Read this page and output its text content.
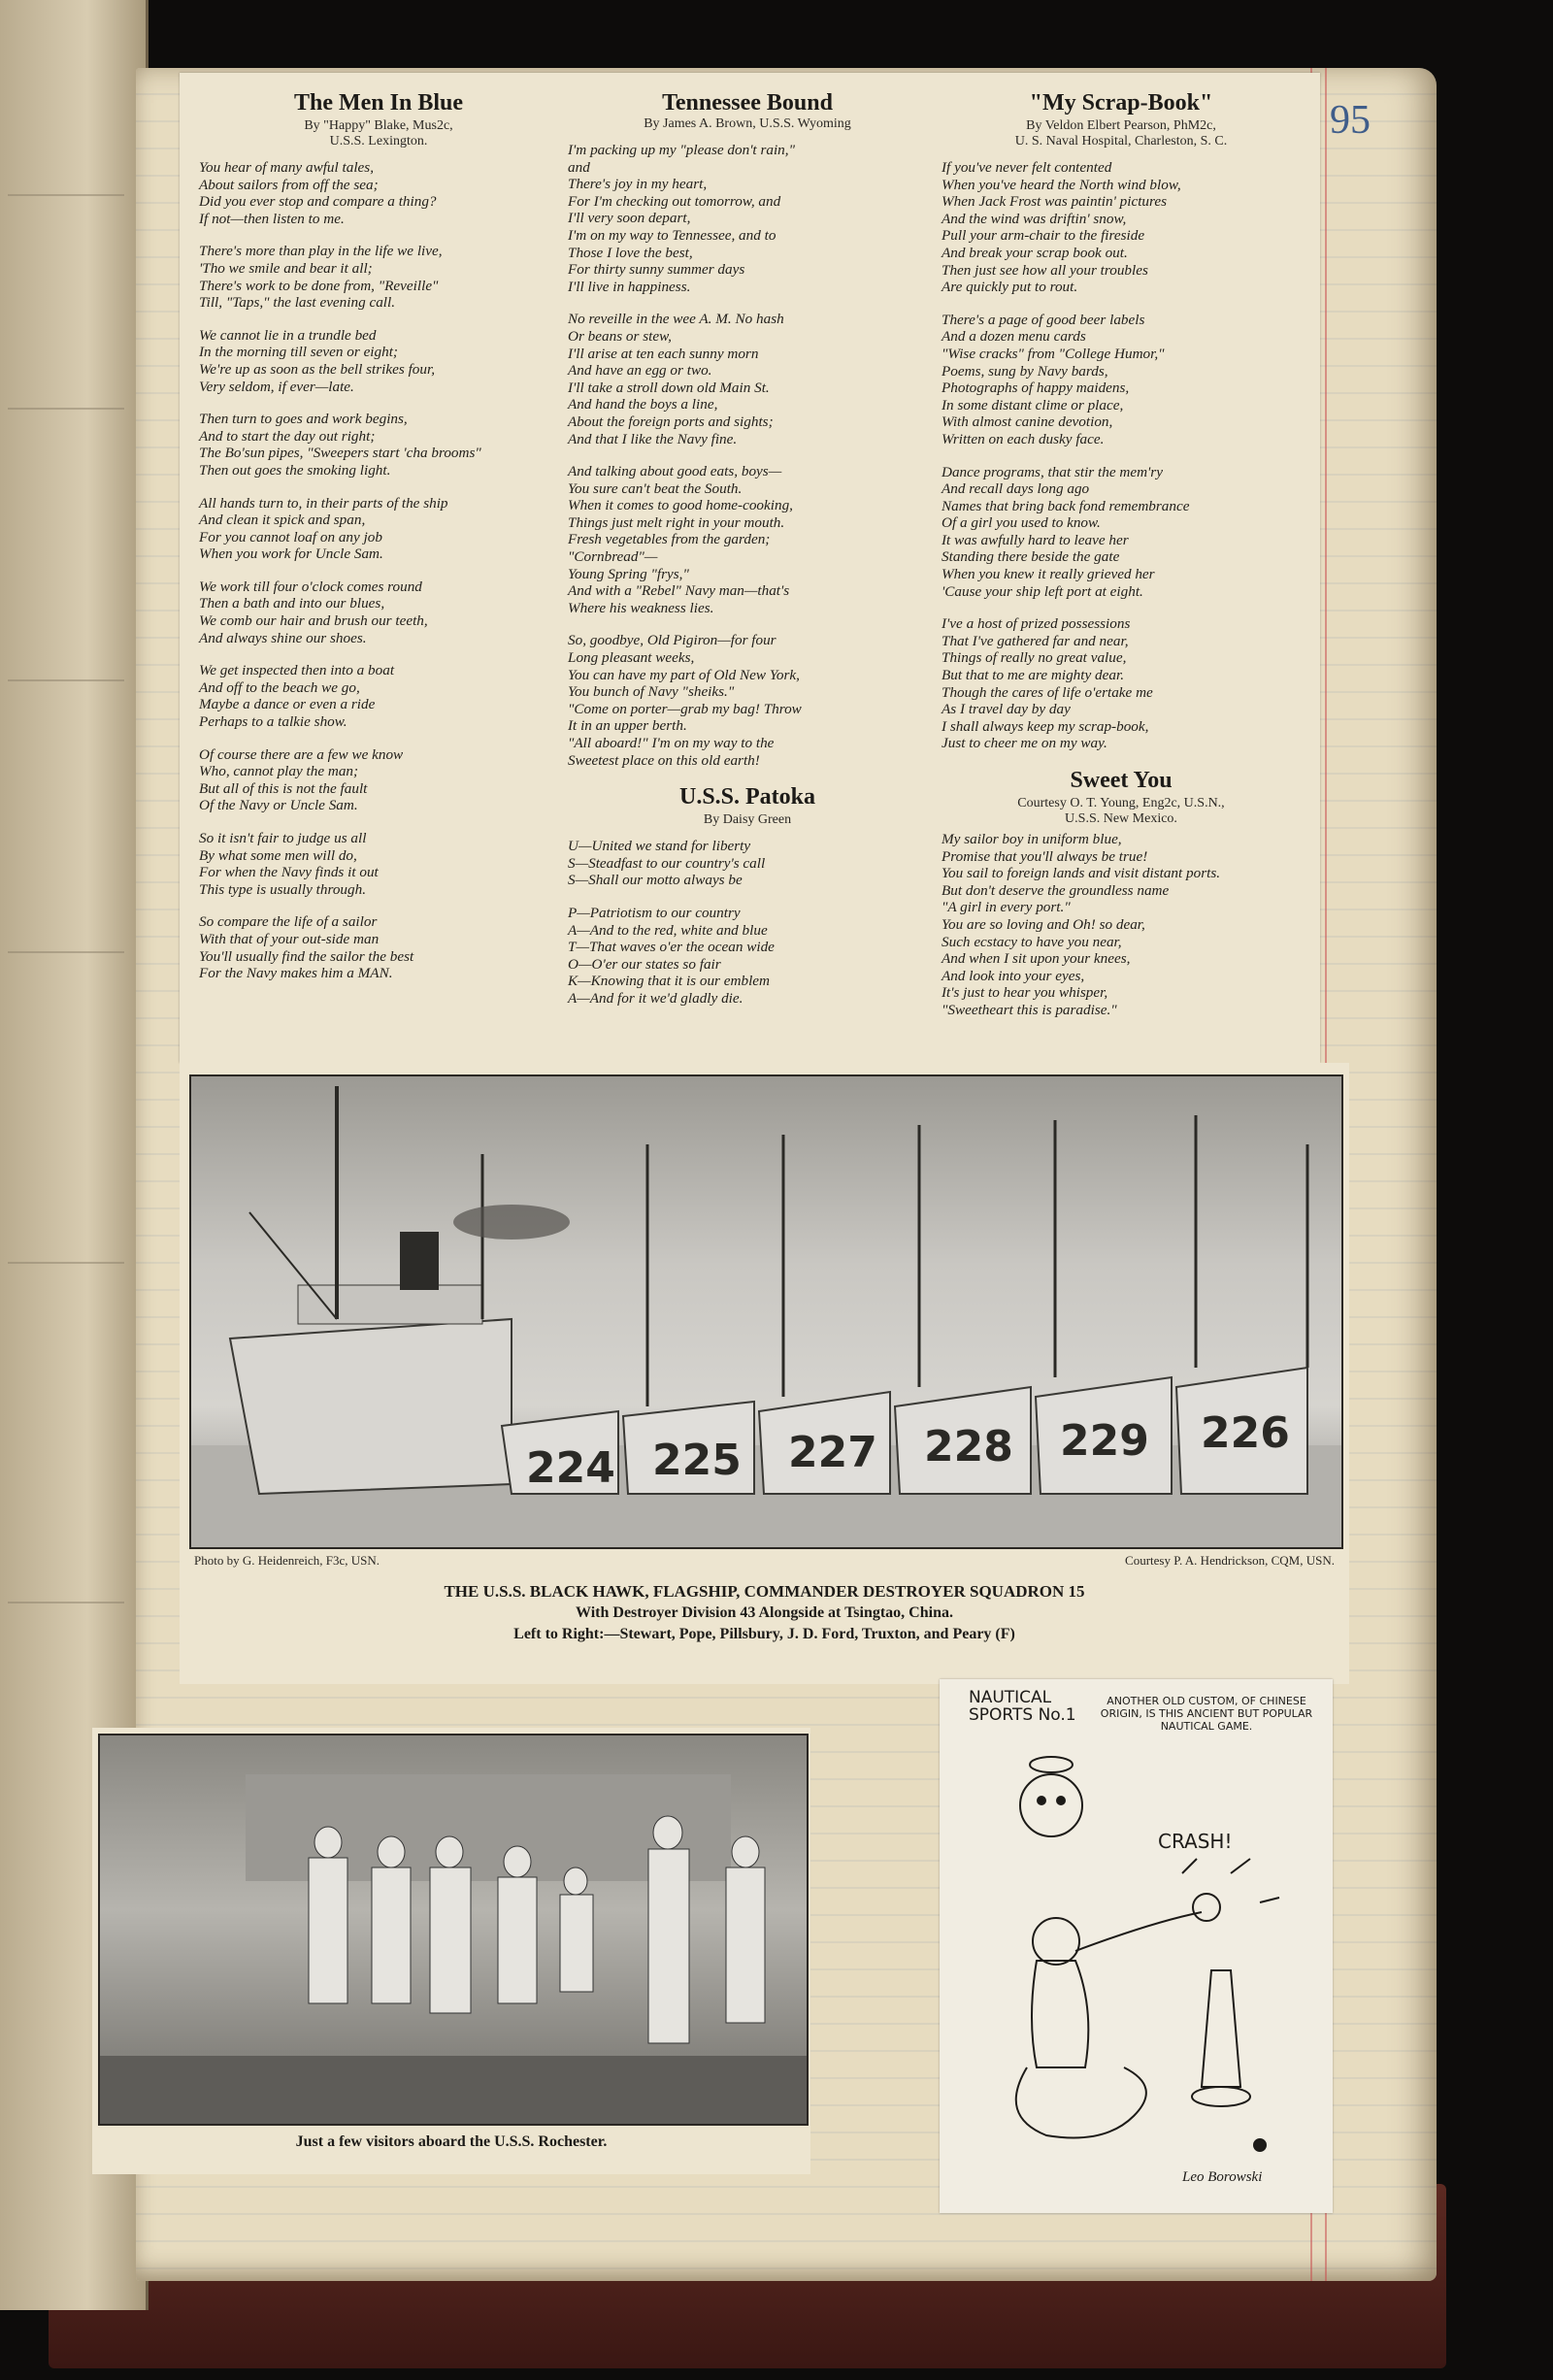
95
The Men In Blue
By "Happy" Blake, Mus2c,
U.S.S. Lexington.
You hear of many awful tales,
About sailors from off the sea;
Did you ever stop and compare a thing?
If not—then listen to me.
There's more than play in the life we live,
'Tho we smile and bear it all;
There's work to be done from, "Reveille"
Till, "Taps," the last evening call.
We cannot lie in a trundle bed
In the morning till seven or eight;
We're up as soon as the bell strikes four,
Very seldom, if ever—late.
Then turn to goes and work begins,
And to start the day out right;
The Bo'sun pipes, "Sweepers start 'cha brooms"
Then out goes the smoking light.
All hands turn to, in their parts of the ship
And clean it spick and span,
For you cannot loaf on any job
When you work for Uncle Sam.
We work till four o'clock comes round
Then a bath and into our blues,
We comb our hair and brush our teeth,
And always shine our shoes.
We get inspected then into a boat
And off to the beach we go,
Maybe a dance or even a ride
Perhaps to a talkie show.
Of course there are a few we know
Who, cannot play the man;
But all of this is not the fault
Of the Navy or Uncle Sam.
So it isn't fair to judge us all
By what some men will do,
For when the Navy finds it out
This type is usually through.
So compare the life of a sailor
With that of your out-side man
You'll usually find the sailor the best
For the Navy makes him a MAN.
Tennessee Bound
By James A. Brown, U.S.S. Wyoming
I'm packing up my "please don't rain,"
and
There's joy in my heart,
For I'm checking out tomorrow, and
I'll very soon depart,
I'm on my way to Tennessee, and to
Those I love the best,
For thirty sunny summer days
I'll live in happiness.
No reveille in the wee A. M. No hash
Or beans or stew,
I'll arise at ten each sunny morn
And have an egg or two.
I'll take a stroll down old Main St.
And hand the boys a line,
About the foreign ports and sights;
And that I like the Navy fine.
And talking about good eats, boys—
You sure can't beat the South.
When it comes to good home-cooking,
Things just melt right in your mouth.
Fresh vegetables from the garden;
"Cornbread"—
Young Spring "frys,"
And with a "Rebel" Navy man—that's
Where his weakness lies.
So, goodbye, Old Pigiron—for four
Long pleasant weeks,
You can have my part of Old New York,
You bunch of Navy "sheiks."
"Come on porter—grab my bag! Throw
It in an upper berth.
"All aboard!" I'm on my way to the
Sweetest place on this old earth!
U.S.S. Patoka
By Daisy Green
U—United we stand for liberty
S—Steadfast to our country's call
S—Shall our motto always be
P—Patriotism to our country
A—And to the red, white and blue
T—That waves o'er the ocean wide
O—O'er our states so fair
K—Knowing that it is our emblem
A—And for it we'd gladly die.
"My Scrap-Book"
By Veldon Elbert Pearson, PhM2c,
U. S. Naval Hospital, Charleston, S. C.
If you've never felt contented
When you've heard the North wind blow,
When Jack Frost was paintin' pictures
And the wind was driftin' snow,
Pull your arm-chair to the fireside
And break your scrap book out.
Then just see how all your troubles
Are quickly put to rout.
There's a page of good beer labels
And a dozen menu cards
"Wise cracks" from "College Humor,"
Poems, sung by Navy bards,
Photographs of happy maidens,
In some distant clime or place,
With almost canine devotion,
Written on each dusky face.
Dance programs, that stir the mem'ry
And recall days long ago
Names that bring back fond remembrance
Of a girl you used to know.
It was awfully hard to leave her
Standing there beside the gate
When you knew it really grieved her
'Cause your ship left port at eight.
I've a host of prized possessions
That I've gathered far and near,
Things of really no great value,
But that to me are mighty dear.
Though the cares of life o'ertake me
As I travel day by day
I shall always keep my scrap-book,
Just to cheer me on my way.
Sweet You
Courtesy O. T. Young, Eng2c, U.S.N.,
U.S.S. New Mexico.
My sailor boy in uniform blue,
Promise that you'll always be true!
You sail to foreign lands and visit distant ports.
But don't deserve the groundless name
"A girl in every port."
You are so loving and Oh! so dear,
Such ecstacy to have you near,
And when I sit upon your knees,
And look into your eyes,
It's just to hear you whisper,
"Sweetheart this is paradise."
224 225 227 228 229 226
Photo by G. Heidenreich, F3c, USN.	Courtesy P. A. Hendrickson, CQM, USN.
THE U.S.S. BLACK HAWK, FLAGSHIP, COMMANDER DESTROYER SQUADRON 15
With Destroyer Division 43 Alongside at Tsingtao, China.
Left to Right:—Stewart, Pope, Pillsbury, J. D. Ford, Truxton, and Peary (F)
Just a few visitors aboard the U.S.S. Rochester.
NAUTICAL SPORTS No.1
ANOTHER OLD CUSTOM, OF CHINESE ORIGIN, IS THIS ANCIENT BUT POPULAR NAUTICAL GAME.
CRASH!
Leo Borowski
